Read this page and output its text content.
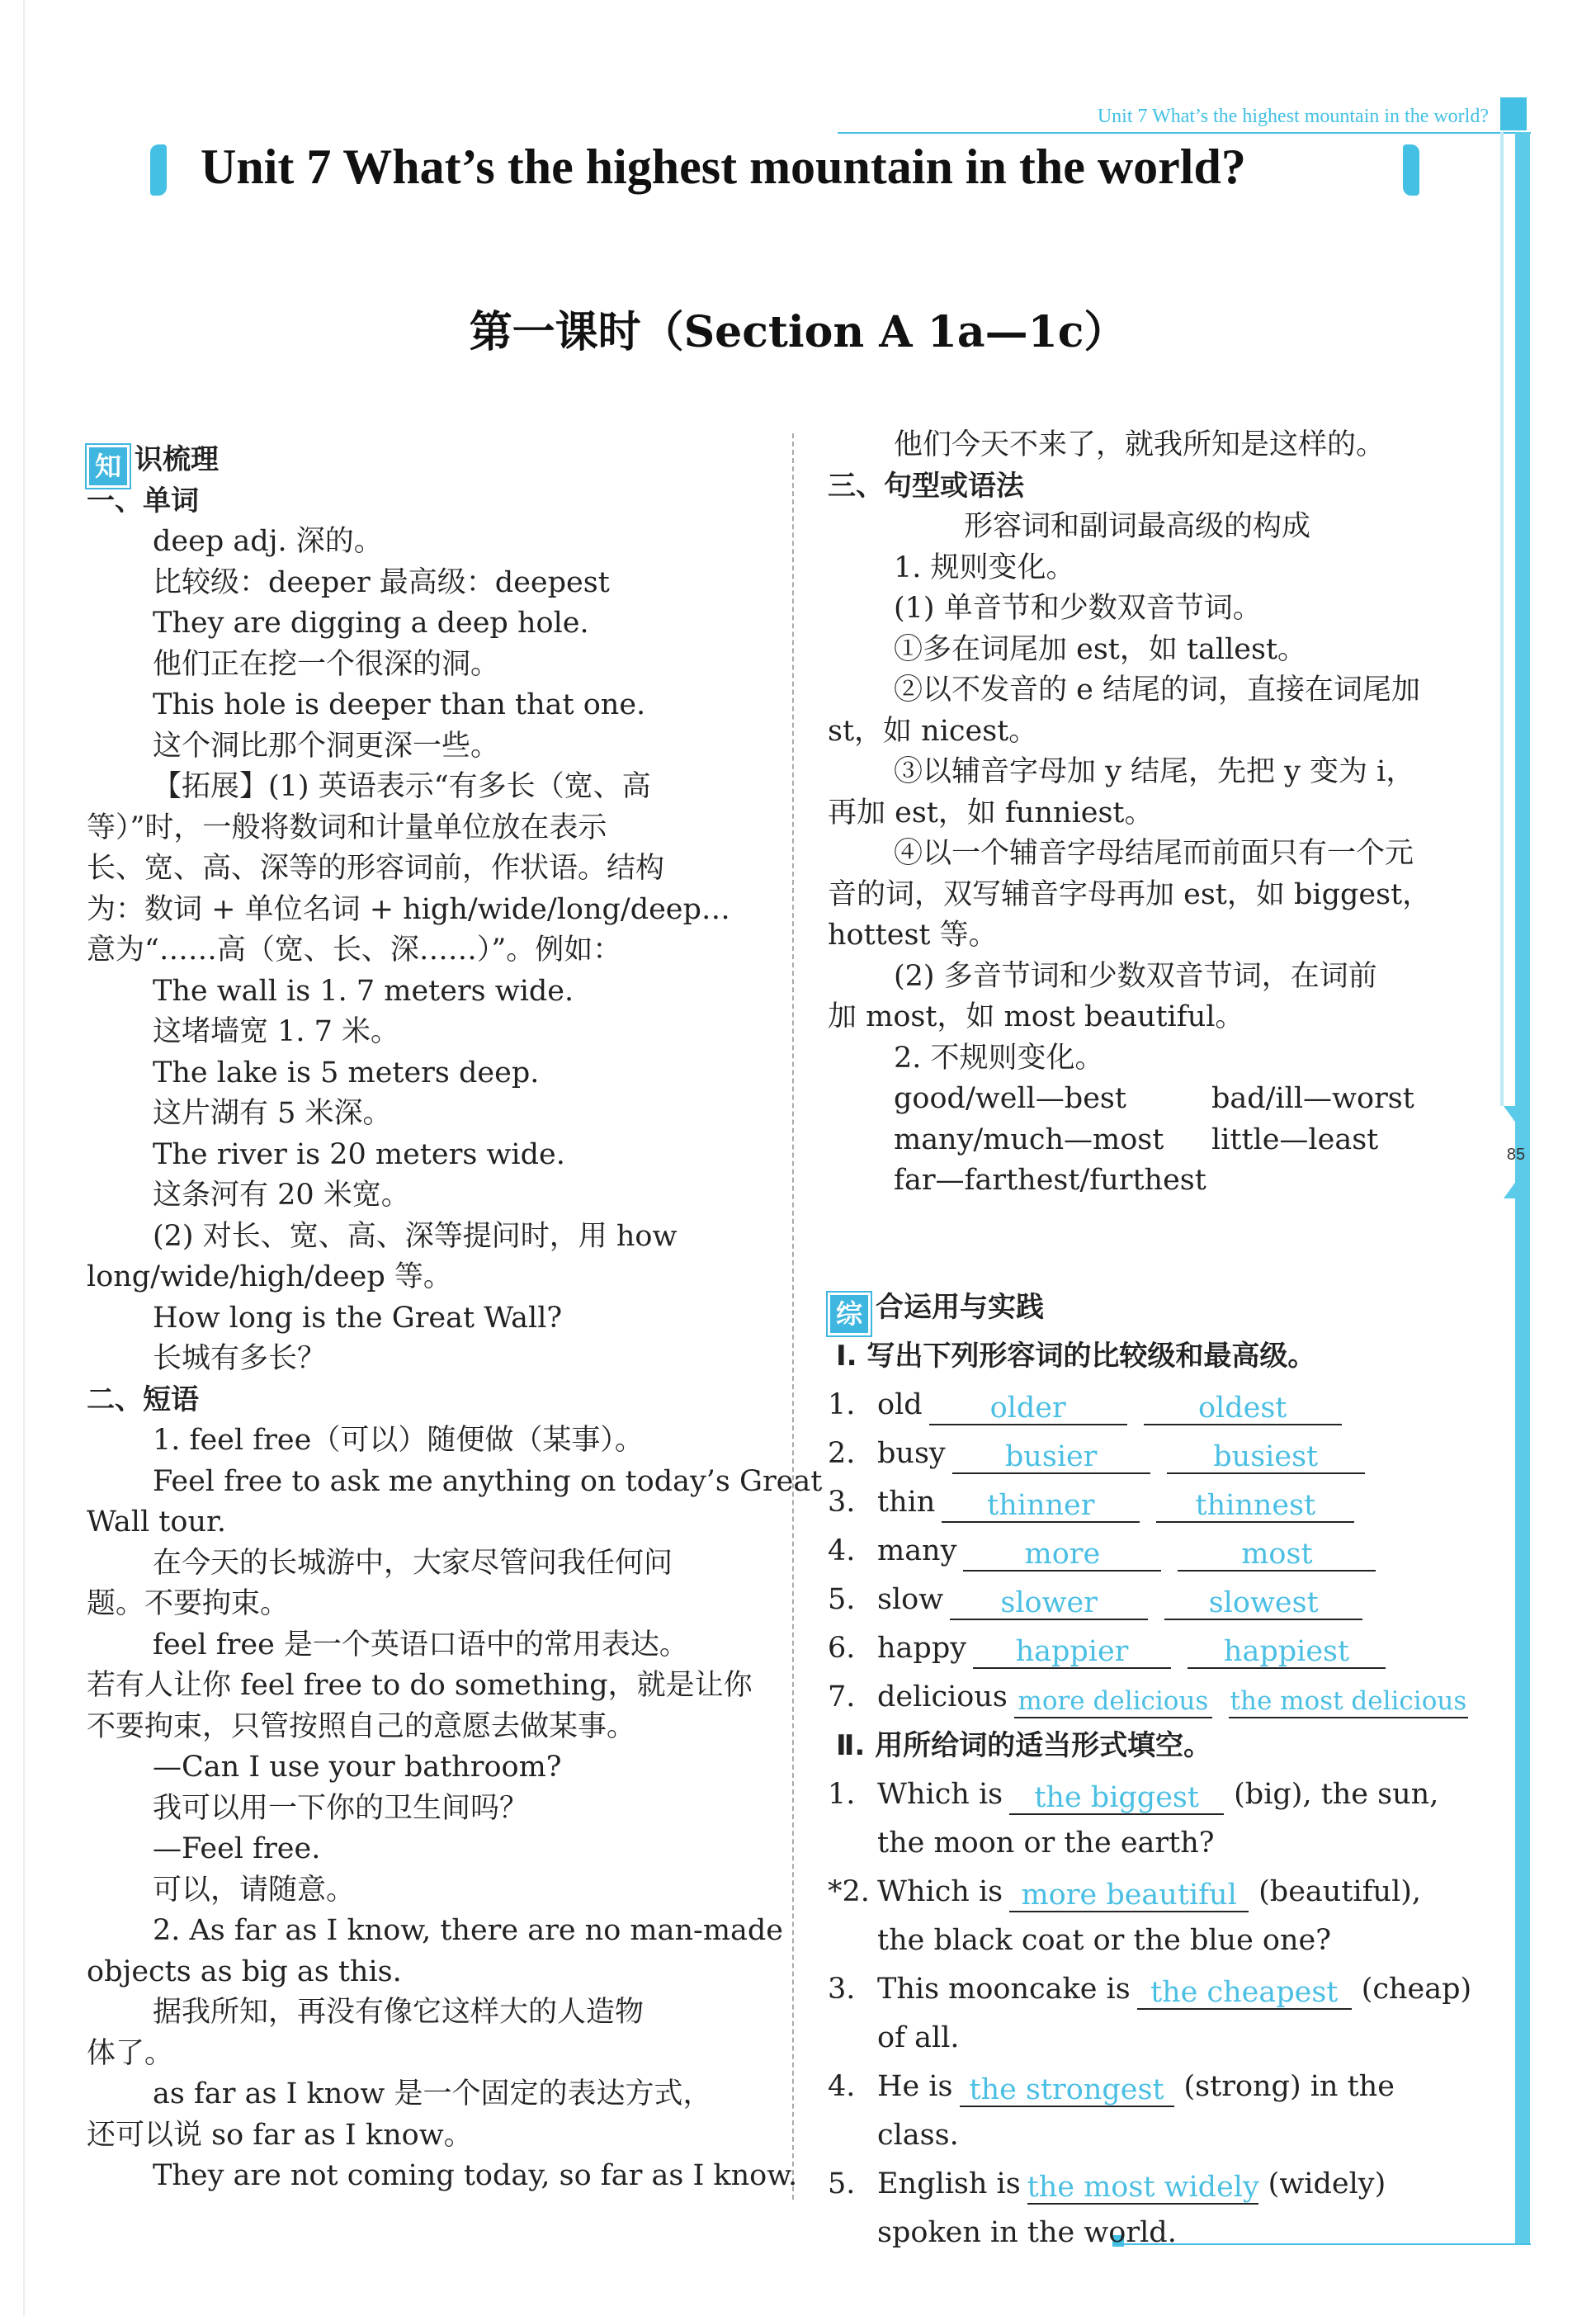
Unit 7 What’s the highest mountain in the world?
85
Unit 7 What’s the highest mountain in the world?
第一课时（Section A 1a—1c）
知 识梳理
一、单词
deep adj. 深的。
比较级：deeper 最高级：deepest
They are digging a deep hole.
他们正在挖一个很深的洞。
This hole is deeper than that one.
这个洞比那个洞更深一些。
【拓展】(1) 英语表示“有多长（宽、高
等）”时，一般将数词和计量单位放在表示
长、宽、高、深等的形容词前，作状语。结构
为：数词 + 单位名词 + high/wide/long/deep…
意为“……高（宽、长、深……）”。例如：
The wall is 1. 7 meters wide.
这堵墙宽 1. 7 米。
The lake is 5 meters deep.
这片湖有 5 米深。
The river is 20 meters wide.
这条河有 20 米宽。
(2) 对长、宽、高、深等提问时，用 how
long/wide/high/deep 等。
How long is the Great Wall?
长城有多长？
二、短语
1. feel free（可以）随便做（某事）。
Feel free to ask me anything on today’s Great
Wall tour.
在今天的长城游中，大家尽管问我任何问
题。不要拘束。
feel free 是一个英语口语中的常用表达。
若有人让你 feel free to do something，就是让你
不要拘束，只管按照自己的意愿去做某事。
—Can I use your bathroom?
我可以用一下你的卫生间吗？
—Feel free.
可以，请随意。
2. As far as I know, there are no man-made
objects as big as this.
据我所知，再没有像它这样大的人造物
体了。
as far as I know 是一个固定的表达方式，
还可以说 so far as I know。
They are not coming today, so far as I know.
他们今天不来了，就我所知是这样的。
三、句型或语法
形容词和副词最高级的构成
1. 规则变化。
(1) 单音节和少数双音节词。
①多在词尾加 est，如 tallest。
②以不发音的 e 结尾的词，直接在词尾加
st，如 nicest。
③以辅音字母加 y 结尾，先把 y 变为 i，
再加 est，如 funniest。
④以一个辅音字母结尾而前面只有一个元
音的词，双写辅音字母再加 est，如 biggest，
hottest 等。
(2) 多音节词和少数双音节词，在词前
加 most，如 most beautiful。
2. 不规则变化。
good/well—best	bad/ill—worst
many/much—most little—least
far—farthest/furthest
综 合运用与实践
Ⅰ. 写出下列形容词的比较级和最高级。
1. old older	oldest
2. busy busier	busiest
3. thin thinner	thinnest
4. many more	most
5. slow slower	slowest
6. happy happier	happiest
7. delicious more delicious the most delicious
Ⅱ. 用所给词的适当形式填空。
1. Which is the biggest (big), the sun,
the moon or the earth?
*2. Which is more beautiful (beautiful),
the black coat or the blue one?
3. This mooncake is the cheapest (cheap)
of all.
4. He is the strongest (strong) in the
class.
5. English is the most widely (widely)
spoken in the world.
